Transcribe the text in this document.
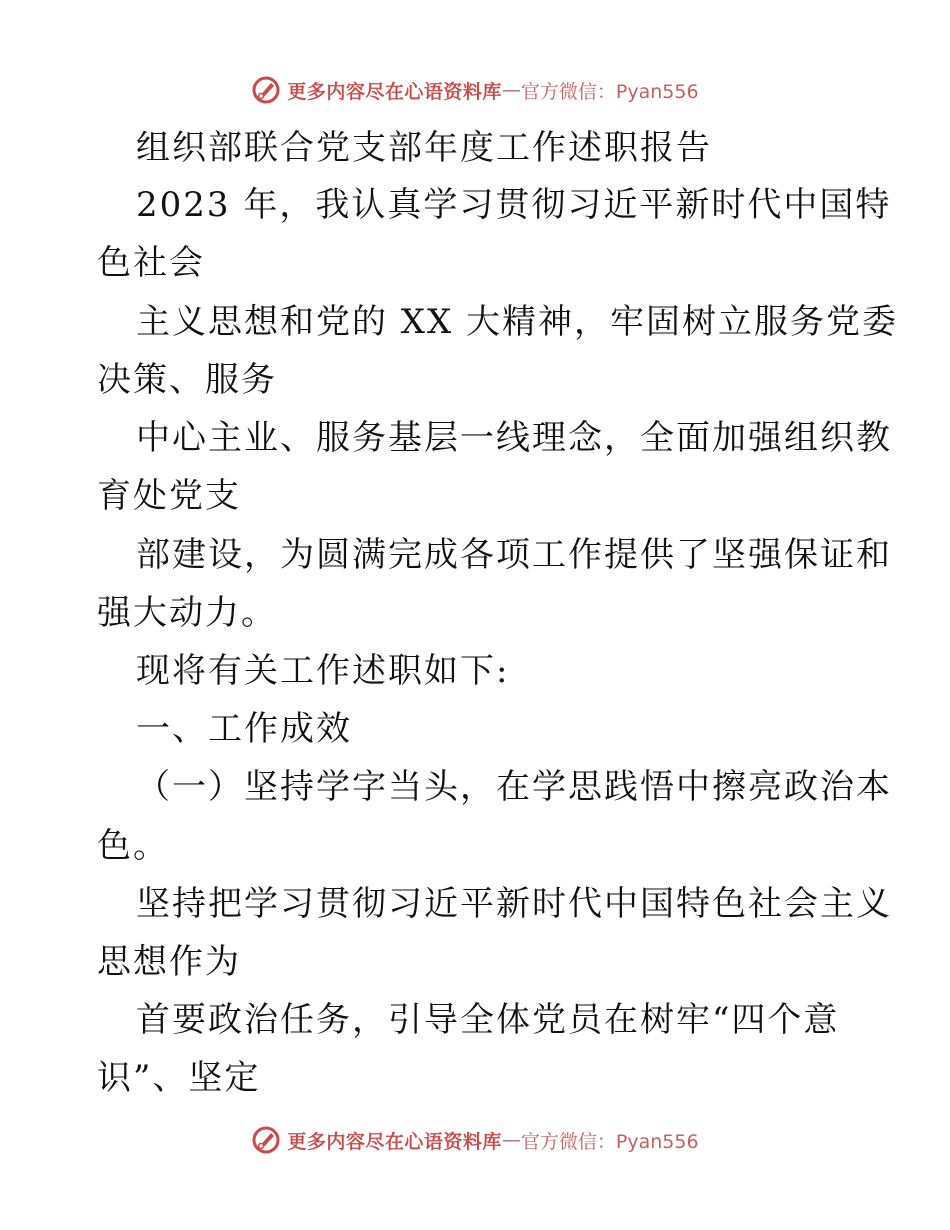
更多内容尽在心语资料库 — 官方微信：Pyan556
组织部联合党支部年度工作述职报告
2023 年，我认真学习贯彻习近平新时代中国特
色社会
主义思想和党的 XX 大精神，牢固树立服务党委
决策、服务
中心主业、服务基层一线理念，全面加强组织教
育处党支
部建设，为圆满完成各项工作提供了坚强保证和
强大动力。
现将有关工作述职如下:
一、工作成效
（一）坚持学字当头，在学思践悟中擦亮政治本
色。
坚持把学习贯彻习近平新时代中国特色社会主义
思想作为
首要政治任务，引导全体党员在树牢“四个意
识”、坚定
更多内容尽在心语资料库 — 官方微信：Pyan556
